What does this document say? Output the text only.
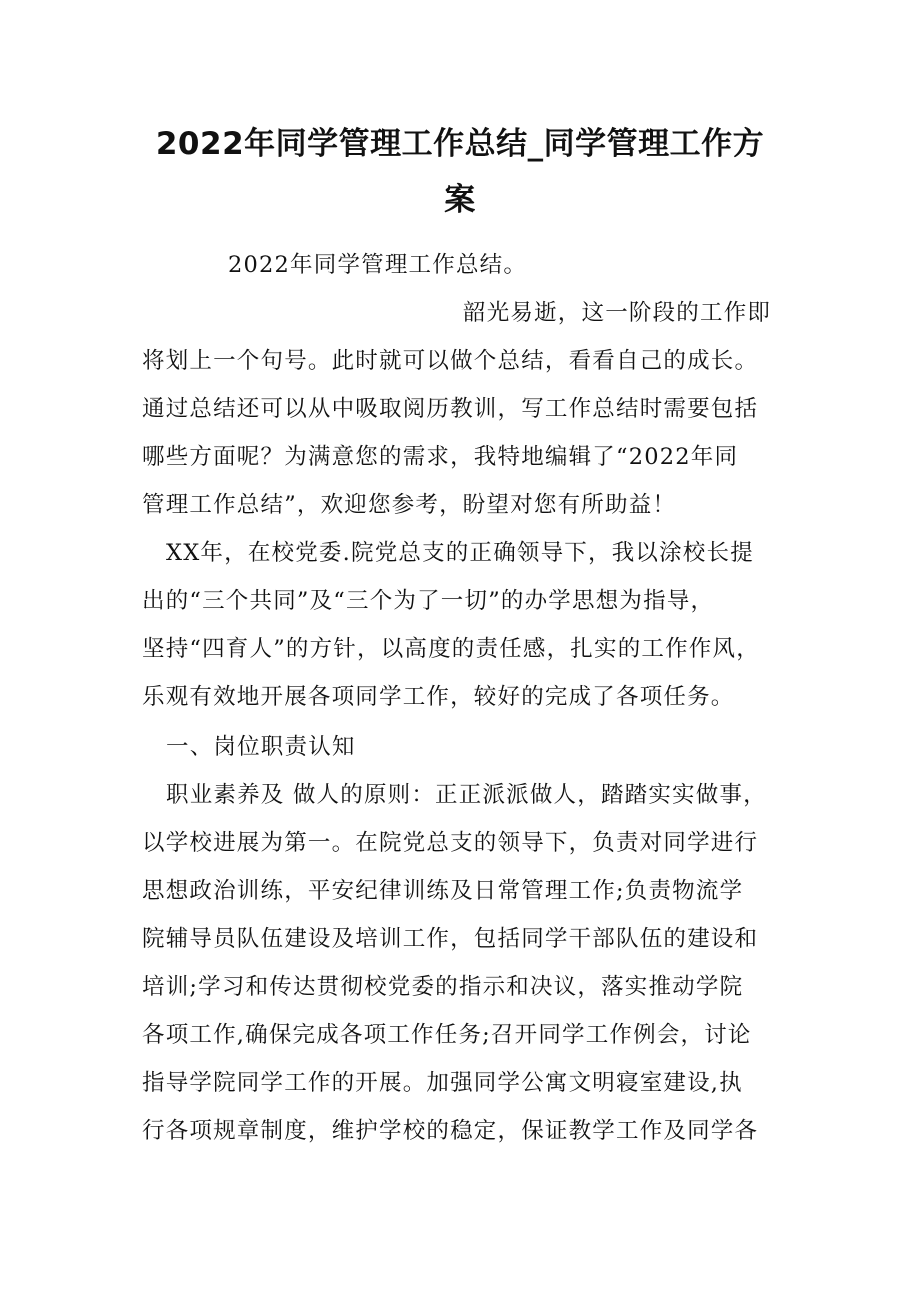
2022年同学管理工作总结_同学管理工作方
案
2022年同学管理工作总结。
韶光易逝，这一阶段的工作即
将划上一个句号。此时就可以做个总结，看看自己的成长。
通过总结还可以从中吸取阅历教训，写工作总结时需要包括
哪些方面呢？为满意您的需求，我特地编辑了“2022年同
管理工作总结”，欢迎您参考，盼望对您有所助益！
XX年，在校党委.院党总支的正确领导下，我以涂校长提
出的“三个共同”及“三个为了一切”的办学思想为指导，
坚持“四育人”的方针，以高度的责任感，扎实的工作作风，
乐观有效地开展各项同学工作，较好的完成了各项任务。
一、岗位职责认知
职业素养及 做人的原则：正正派派做人，踏踏实实做事，
以学校进展为第一。在院党总支的领导下，负责对同学进行
思想政治训练，平安纪律训练及日常管理工作;负责物流学
院辅导员队伍建设及培训工作，包括同学干部队伍的建设和
培训;学习和传达贯彻校党委的指示和决议，落实推动学院
各项工作,确保完成各项工作任务;召开同学工作例会，讨论
指导学院同学工作的开展。加强同学公寓文明寝室建设,执
行各项规章制度，维护学校的稳定，保证教学工作及同学各
